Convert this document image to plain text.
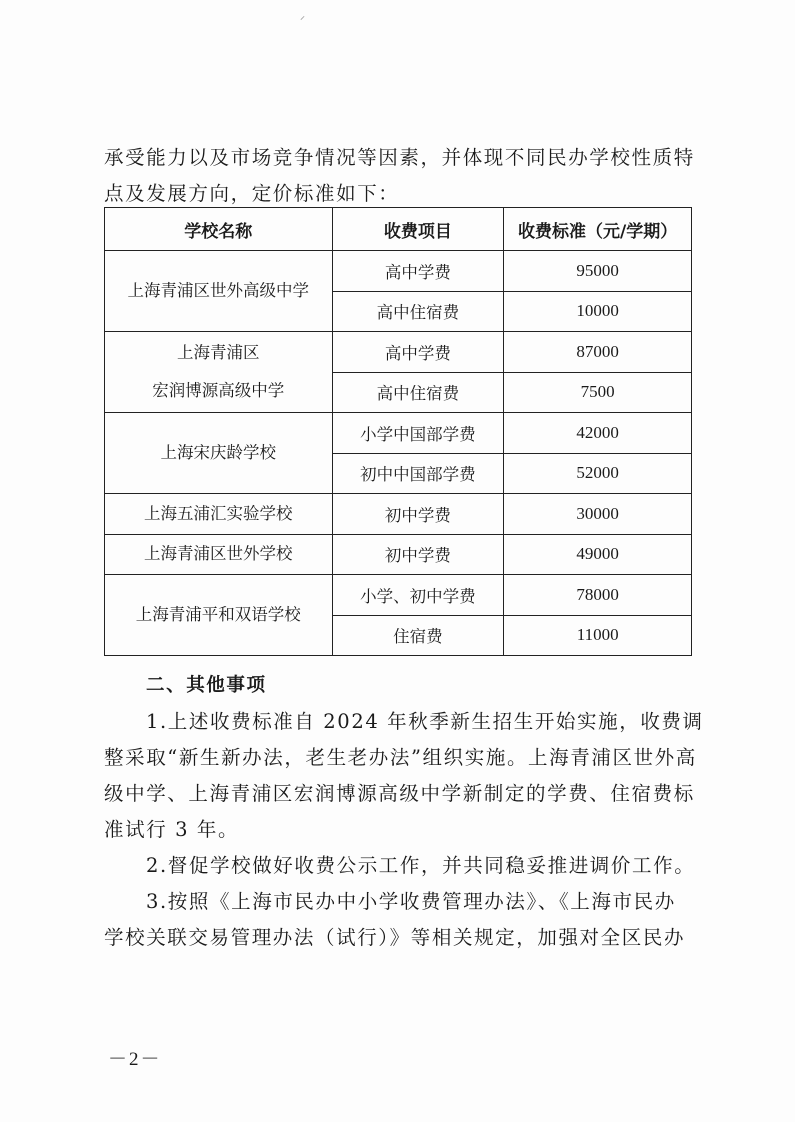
⸝
承受能力以及市场竞争情况等因素，并体现不同民办学校性质特
点及发展方向，定价标准如下：
学校名称	收费项目	收费标准（元/学期）
上海青浦区世外高级中学	高中学费	95000
	高中住宿费	10000

上海青浦区
宏润博源高级中学	高中学费	87000
	高中住宿费	7500
上海宋庆龄学校	小学中国部学费	42000
	初中中国部学费	52000
上海五浦汇实验学校	初中学费	30000
上海青浦区世外学校	初中学费	49000
上海青浦平和双语学校	小学、初中学费	78000
	住宿费	11000
二、其他事项
1.上述收费标准自 2024 年秋季新生招生开始实施，收费调
整采取“新生新办法，老生老办法”组织实施。上海青浦区世外高
级中学、上海青浦区宏润博源高级中学新制定的学费、住宿费标
准试行 3 年。
2.督促学校做好收费公示工作，并共同稳妥推进调价工作。
3.按照《上海市民办中小学收费管理办法》、《上海市民办
学校关联交易管理办法（试行）》等相关规定，加强对全区民办
－2－
